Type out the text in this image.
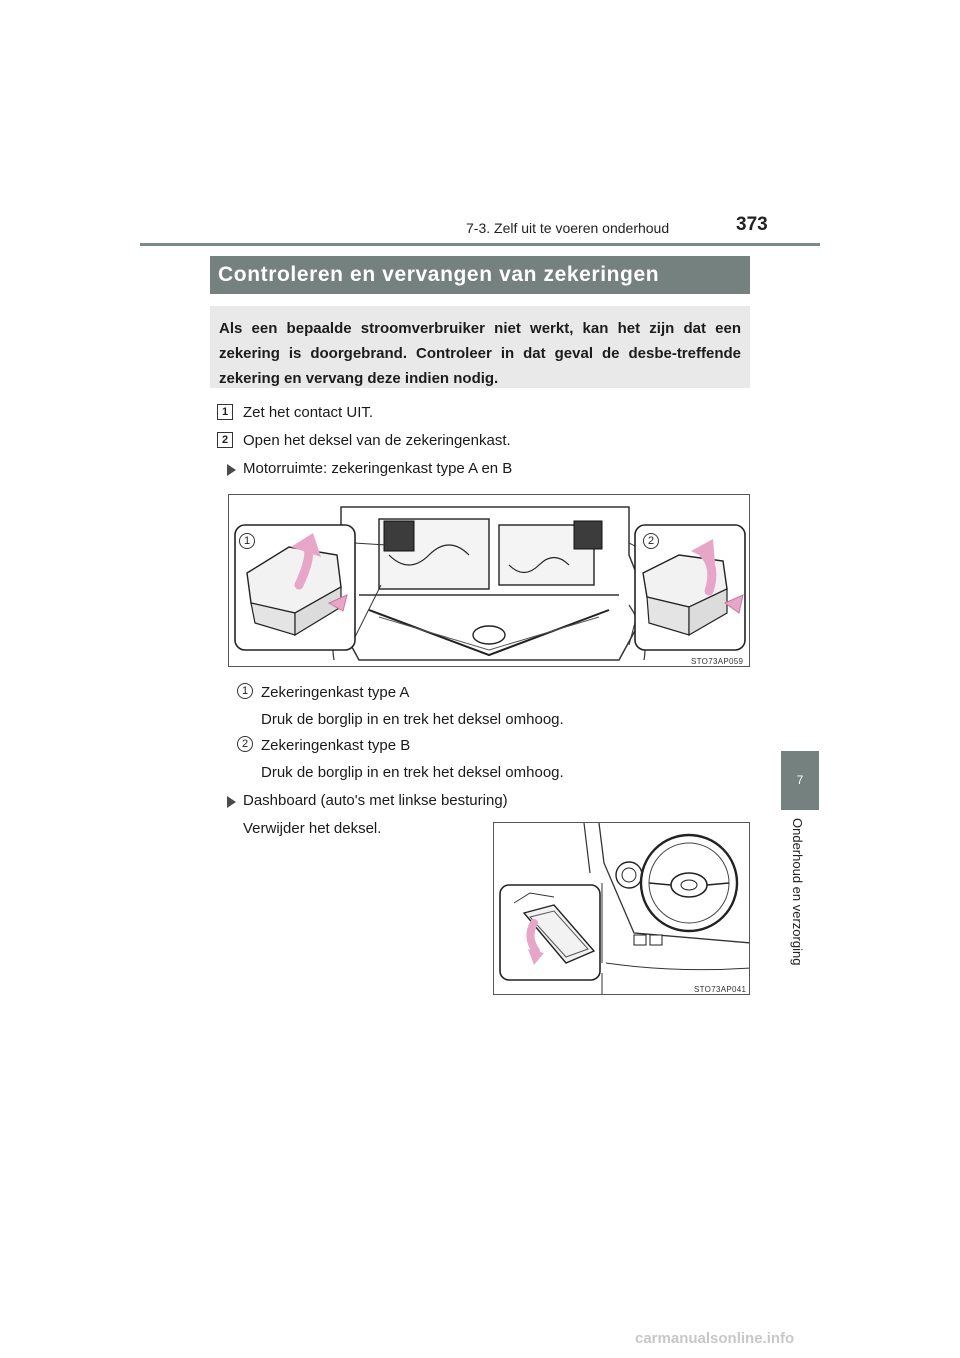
7-3. Zelf uit te voeren onderhoud	373
Controleren en vervangen van zekeringen
Als een bepaalde stroomverbruiker niet werkt, kan het zijn dat een zekering is doorgebrand. Controleer in dat geval de desbe-treffende zekering en vervang deze indien nodig.
1 Zet het contact UIT.
2 Open het deksel van de zekeringenkast.
Motorruimte: zekeringenkast type A en B
1	2
STO73AP059
1 Zekeringenkast type A
Druk de borglip in en trek het deksel omhoog.
2 Zekeringenkast type B
Druk de borglip in en trek het deksel omhoog.
Dashboard (auto's met linkse besturing)
Verwijder het deksel.
STO73AP041
7
Onderhoud en verzorging
carmanualsonline.info
